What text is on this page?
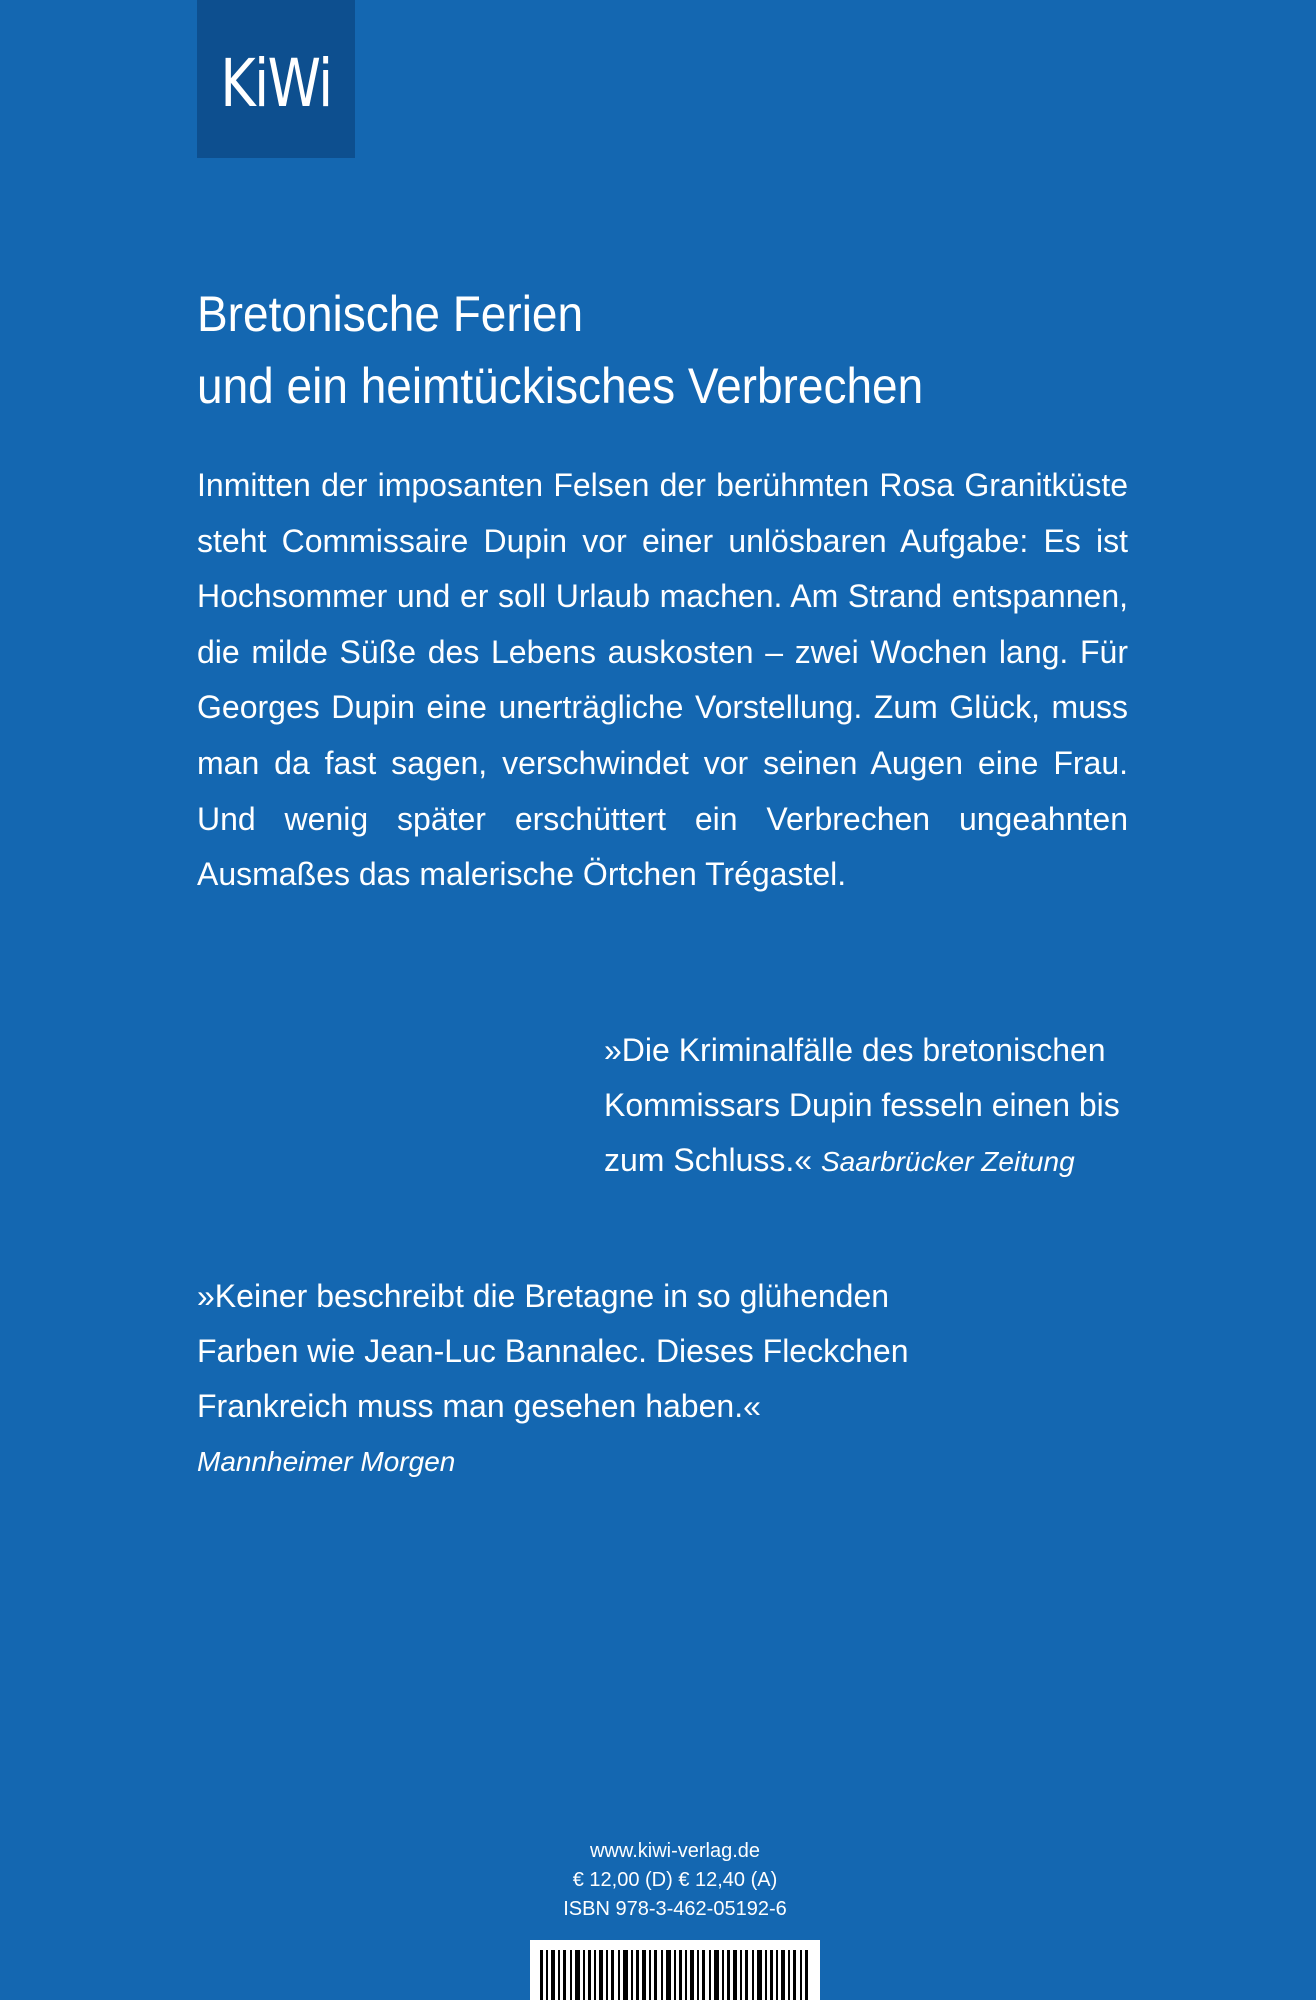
KiWi
Bretonische Ferien
und ein heimtückisches Verbrechen

Inmitten der imposanten Felsen der berühmten Rosa Granitküste steht Commissaire Dupin vor einer unlösbaren Aufgabe: Es ist Hochsommer und er soll Urlaub machen. Am Strand entspannen, die milde Süße des Lebens auskosten – zwei Wochen lang. Für Georges Dupin eine unerträgliche Vorstellung. Zum Glück, muss man da fast sagen, verschwindet vor seinen Augen eine Frau. Und wenig später erschüttert ein Verbrechen ungeahnten Ausmaßes das malerische Örtchen Trégastel.

»Die Kriminalfälle des bretonischen
Kommissars Dupin fesseln einen bis
zum Schluss.« Saarbrücker Zeitung

»Keiner beschreibt die Bretagne in so glühenden
Farben wie Jean-Luc Bannalec. Dieses Fleckchen
Frankreich muss man gesehen haben.«
Mannheimer Morgen

www.kiwi-verlag.de
€ 12,00 (D) € 12,40 (A)
ISBN 978-3-462-05192-6
